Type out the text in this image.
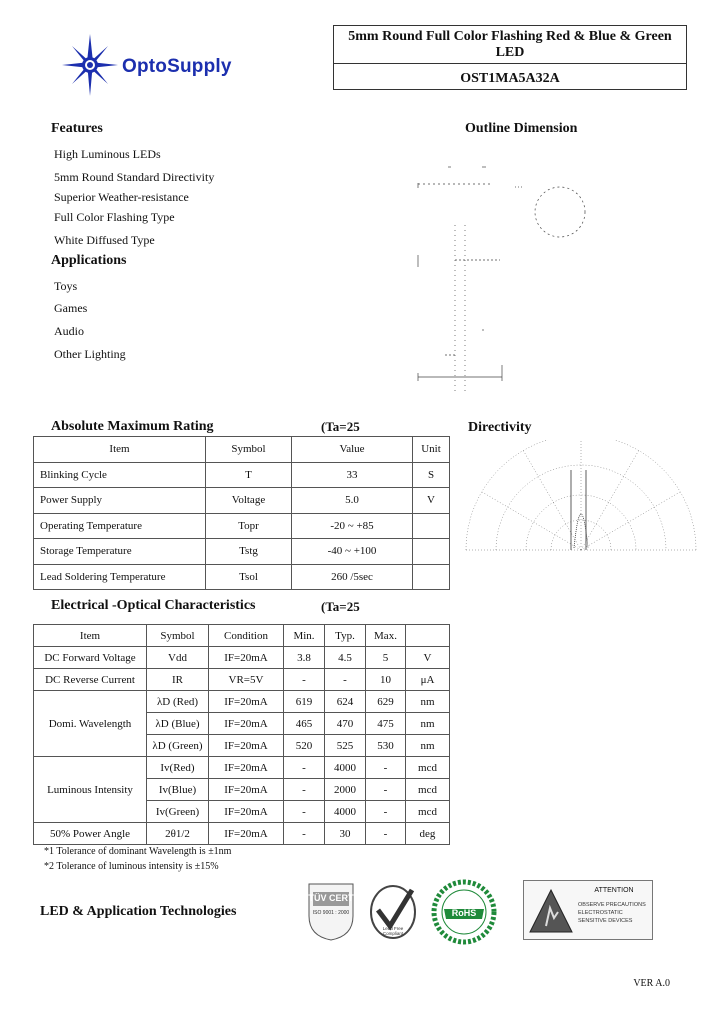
OptoSupply
5mm Round Full Color Flashing Red & Blue & Green LED
OST1MA5A32A
Features
High Luminous LEDs
5mm Round Standard Directivity
Superior Weather-resistance
Full Color Flashing Type
White Diffused Type
Applications
Toys
Games
Audio
Other Lighting
Outline Dimension
Directivity
Absolute Maximum Rating	(Ta=25
Item	Symbol	Value	Unit
Blinking Cycle	T	33	S
Power Supply	Voltage	5.0	V
Operating Temperature	Topr	-20 ~ +85	
Storage Temperature	Tstg	-40 ~ +100	
Lead Soldering Temperature	Tsol	260 /5sec	
Electrical -Optical Characteristics	(Ta=25
Item	Symbol	Condition	Min.	Typ.	Max.	
DC Forward Voltage	Vdd	IF=20mA	3.8	4.5	5	V
DC Reverse Current	IR	VR=5V	-	-	10	μA
Domi. Wavelength	λD (Red)	IF=20mA	619	624	629	nm
	λD (Blue)	IF=20mA	465	470	475	nm
	λD (Green)	IF=20mA	520	525	530	nm
Luminous Intensity	Iv(Red)	IF=20mA	-	4000	-	mcd
	Iv(Blue)	IF=20mA	-	2000	-	mcd
	Iv(Green)	IF=20mA	-	4000	-	mcd
50% Power Angle	2θ1/2	IF=20mA	-	30	-	deg
*1 Tolerance of dominant Wavelength is ±1nm
*2 Tolerance of luminous intensity is ±15%
LED & Application Technologies
TÜV CERT
ISO 9001 : 2000
Lead Free Compliant
RoHS
ATTENTION
OBSERVE PRECAUTIONS
ELECTROSTATIC
SENSITIVE DEVICES
VER A.0
